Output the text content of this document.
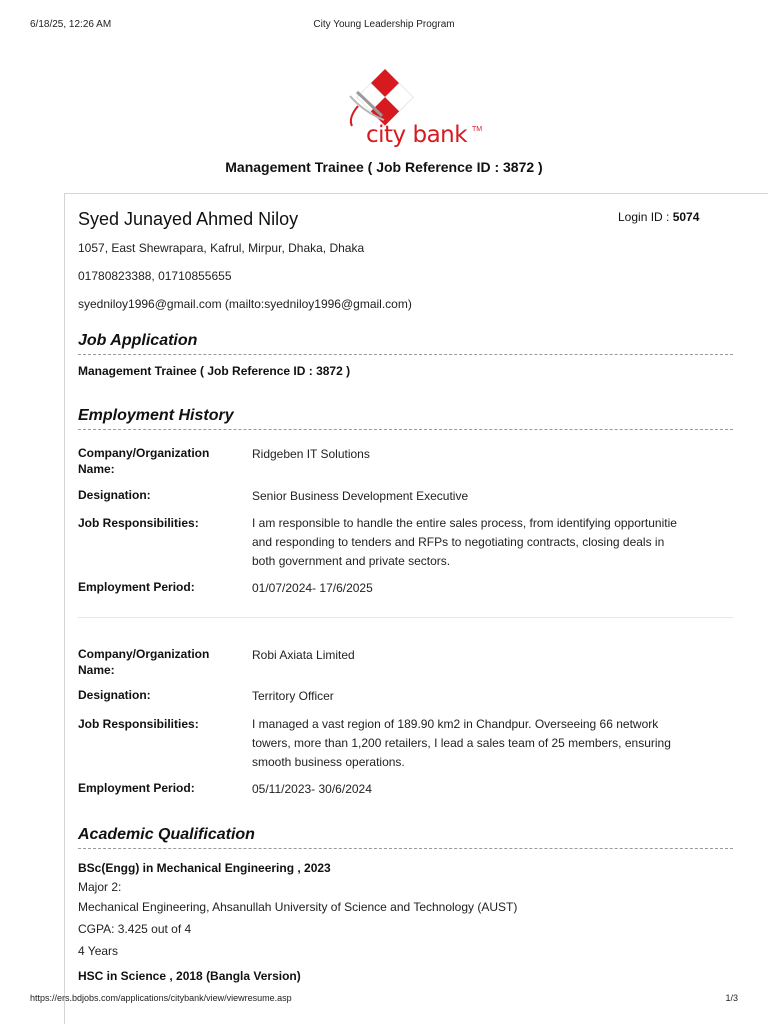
6/18/25, 12:26 AM	City Young Leadership Program
city bank TM
Management Trainee ( Job Reference ID : 3872 )
Syed Junayed Ahmed Niloy	Login ID : 5074
1057, East Shewrapara, Kafrul, Mirpur, Dhaka, Dhaka
01780823388, 01710855655
syedniloy1996@gmail.com (mailto:syedniloy1996@gmail.com)
Job Application
Management Trainee ( Job Reference ID : 3872 )
Employment History
Company/Organization Name:
Ridgeben IT Solutions
Designation:	Senior Business Development Executive
Job Responsibilities:	I am responsible to handle the entire sales process, from identifying opportunitie
and responding to tenders and RFPs to negotiating contracts, closing deals in
both government and private sectors.
Employment Period:	01/07/2024- 17/6/2025
Company/Organization Name:
Robi Axiata Limited
Designation:	Territory Officer
Job Responsibilities:	I managed a vast region of 189.90 km2 in Chandpur. Overseeing 66 network
towers, more than 1,200 retailers, I lead a sales team of 25 members, ensuring
smooth business operations.
Employment Period:	05/11/2023- 30/6/2024
Academic Qualification
BSc(Engg) in Mechanical Engineering , 2023
Major 2:
Mechanical Engineering, Ahsanullah University of Science and Technology (AUST)
CGPA: 3.425 out of 4
4 Years
HSC in Science , 2018 (Bangla Version)
https://ers.bdjobs.com/applications/citybank/view/viewresume.asp	1/3
